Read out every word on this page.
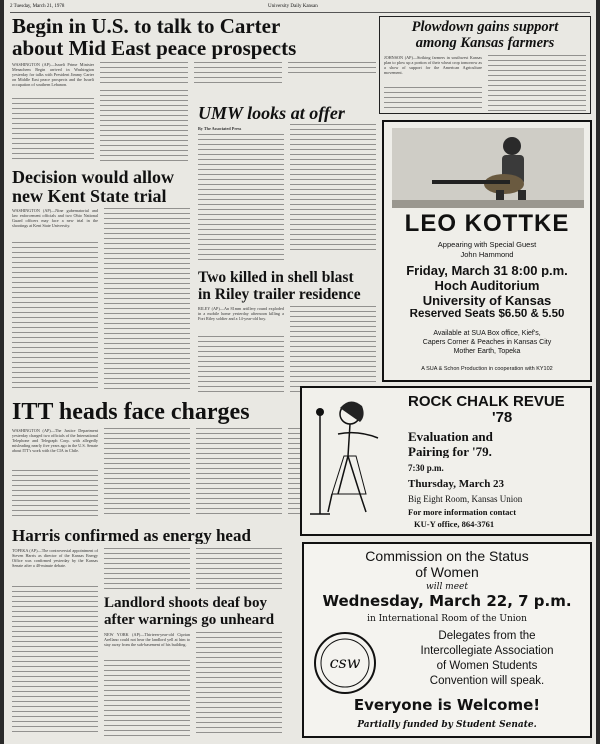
2 Tuesday, March 21, 1978	University Daily Kansan
Begin in U.S. to talk to Carter
about Mid East peace prospects
WASHINGTON (AP)—Israeli Prime Minister Menachem Begin arrived in Washington yesterday for talks with President Jimmy Carter on Middle East peace prospects and the Israeli occupation of southern Lebanon.
Plowdown gains support
among Kansas farmers
JOHNSON (AP)—Striking farmers in southwest Kansas plan to plow up a portion of their wheat crop tomorrow as a show of support for the American Agriculture movement.
UMW looks at offer
By The Associated Press
Decision would allow
new Kent State trial
WASHINGTON (AP)—Nine gubernatorial and law enforcement officials and two Ohio National Guard officers may face a new trial in the shootings at Kent State University.
Two killed in shell blast
in Riley trailer residence
RILEY (AP)—An 81mm artillery round exploded in a mobile home yesterday afternoon killing a Fort Riley soldier and a 14-year-old boy.
LEO KOTTKE
Appearing with Special Guest
John Hammond
Friday, March 31 8:00 p.m.
Hoch Auditorium
University of Kansas
Reserved Seats $6.50 & 5.50
Available at SUA Box office, Kief's,
Capers Corner & Peaches in Kansas City
Mother Earth, Topeka
A SUA & Schon Production in cooperation with KY102
ITT heads face charges
WASHINGTON (AP)—The Justice Department yesterday charged two officials of the International Telephone and Telegraph Corp. with allegedly misleading nearly five years ago in the U.S. Senate about ITT's work with the CIA in Chile.
ROCK CHALK REVUE
'78
Evaluation and
Pairing for '79.
7:30 p.m.
Thursday, March 23
Big Eight Room, Kansas Union
For more information contact
KU-Y office, 864-3761
Harris confirmed as energy head
TOPEKA (AP)—The controversial appointment of Steven Harris as director of the Kansas Energy Office was confirmed yesterday by the Kansas Senate after a 40-minute debate.
Landlord shoots deaf boy
after warnings go unheard
NEW YORK (AP)—Thirteen-year-old Ciprian Arellano could not hear the landlord yell at him to stay away from the sub-basement of his building.
Commission on the Status
of Women
will meet
Wednesday, March 22, 7 p.m.
in International Room of the Union
csw
Delegates from the
Intercollegiate Association
of Women Students
Convention will speak.
Everyone is Welcome!
Partially funded by Student Senate.
